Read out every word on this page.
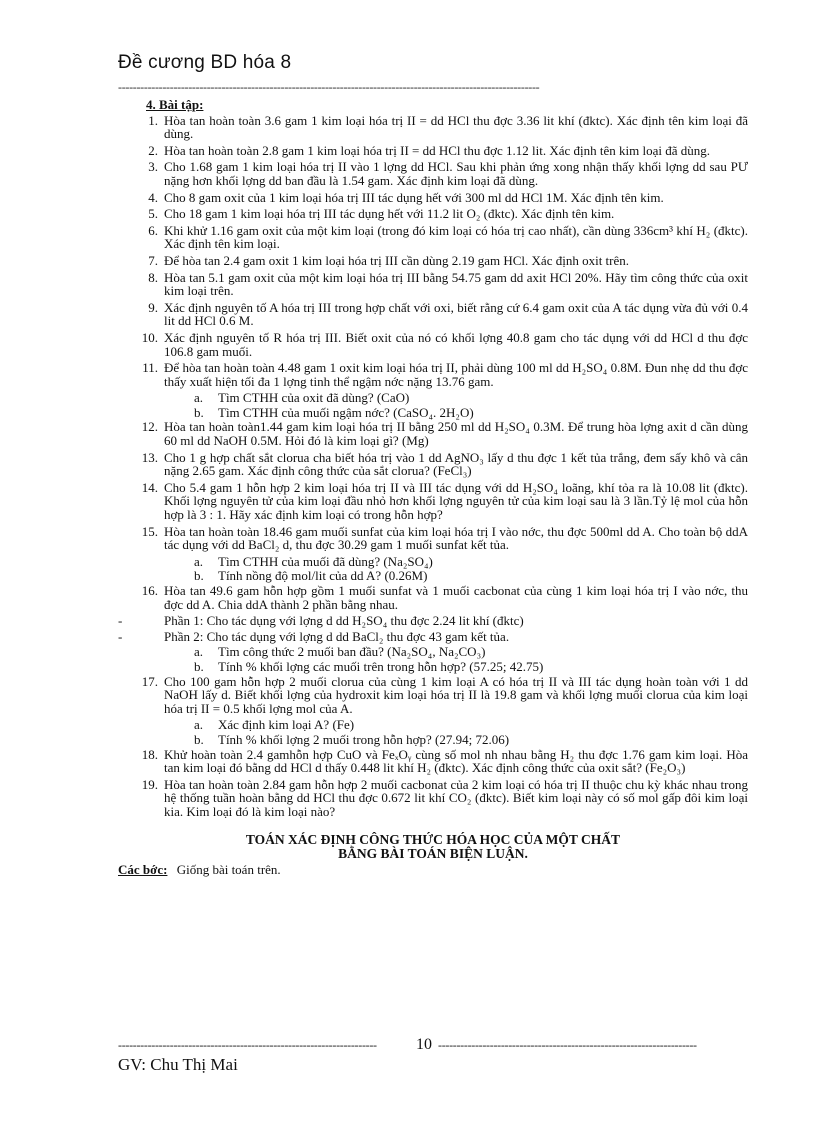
Đề cương BD hóa 8
------------------------------------------------------------------------------------------------------------------
4. Bài tập:
1. Hòa tan hoàn toàn 3.6 gam 1 kim loại hóa trị II = dd HCl thu đợc 3.36 lit khí (đktc). Xác định tên kim loại đã dùng.
2. Hòa tan hoàn toàn 2.8 gam 1 kim loại hóa trị II = dd HCl thu đợc 1.12 lit. Xác định tên kim loại đã dùng.
3. Cho 1.68 gam 1 kim loại hóa trị II vào 1 lợng dd HCl. Sau khi phản ứng xong nhận thấy khối lợng dd sau PƯ nặng hơn khối lợng dd ban đầu là 1.54 gam. Xác định kim loại đã dùng.
4. Cho 8 gam oxit của 1 kim loại hóa trị III tác dụng hết với 300 ml dd HCl 1M. Xác định tên kim.
5. Cho 18 gam 1 kim loại hóa trị III tác dụng hết với 11.2 lit O₂ (đktc). Xác định tên kim.
6. Khi khử 1.16 gam oxit của một kim loại (trong đó kim loại có hóa trị cao nhất), cần dùng 336cm³ khí H₂ (đktc). Xác định tên kim loại.
7. Để hòa tan 2.4 gam oxit 1 kim loại hóa trị III cần dùng 2.19 gam HCl. Xác định oxit trên.
8. Hòa tan 5.1 gam oxit của một kim loại hóa trị III bằng 54.75 gam dd axit HCl 20%. Hãy tìm công thức của oxit kim loại trên.
9. Xác định nguyên tố A hóa trị III trong hợp chất với oxi, biết rằng cứ 6.4 gam oxit của A tác dụng vừa đủ với 0.4 lit dd HCl 0.6 M.
10. Xác định nguyên tố R hóa trị III. Biết oxit của nó có khối lợng 40.8 gam cho tác dụng với dd HCl d thu đợc 106.8 gam muối.
11. Để hòa tan hoàn toàn 4.48 gam 1 oxit kim loại hóa trị II, phải dùng 100 ml dd H₂SO₄ 0.8M. Đun nhẹ dd thu đợc thấy xuất hiện tối đa 1 lợng tinh thể ngậm nớc nặng 13.76 gam.
a. Tìm CTHH của oxit đã dùng? (CaO)
b. Tìm CTHH của muối ngậm nớc? (CaSO₄. 2H₂O)
12. Hòa tan hoàn toàn1.44 gam kim loại hóa trị II bằng 250 ml dd H₂SO₄ 0.3M. Để trung hòa lợng axit d cần dùng 60 ml dd NaOH 0.5M. Hỏi đó là kim loại gì? (Mg)
13. Cho 1 g hợp chất sắt clorua cha biết hóa trị vào 1 dd AgNO₃ lấy d thu đợc 1 kết tủa trắng, đem sấy khô và cân nặng 2.65 gam. Xác định công thức của sắt clorua? (FeCl₃)
14. Cho 5.4 gam 1 hỗn hợp 2 kim loại hóa trị II và III tác dụng với dd H₂SO₄ loãng, khí tỏa ra là 10.08 lit (đktc). Khối lợng nguyên tử của kim loại đầu nhỏ hơn khối lợng nguyên tử của kim loại sau là 3 lần.Tỷ lệ mol của hỗn hợp là 3 : 1. Hãy xác định kim loại có trong hỗn hợp?
15. Hòa tan hoàn toàn 18.46 gam muối sunfat của kim loại hóa trị I vào nớc, thu đợc 500ml dd A. Cho toàn bộ ddA tác dụng với dd BaCl₂ d, thu đợc 30.29 gam 1 muối sunfat kết tủa.
a. Tìm CTHH của muối đã dùng? (Na₂SO₄)
b. Tính nồng độ mol/lit của dd A? (0.26M)
16. Hòa tan 49.6 gam hỗn hợp gồm 1 muối sunfat và 1 muối cacbonat của cùng 1 kim loại hóa trị I vào nớc, thu đợc dd A. Chia ddA thành 2 phần bằng nhau.
-	Phần 1: Cho tác dụng với lợng d dd H₂SO₄ thu đợc 2.24 lit khí (đktc)
-	Phần 2: Cho tác dụng với lợng d dd BaCl₂ thu đợc 43 gam kết tủa.
a. Tìm công thức 2 muối ban đầu? (Na₂SO₄, Na₂CO₃)
b. Tính % khối lợng các muối trên trong hỗn hợp? (57.25; 42.75)
17. Cho 100 gam hỗn hợp 2 muối clorua của cùng 1 kim loại A có hóa trị II và III tác dụng hoàn toàn với 1 dd NaOH lấy d. Biết khối lợng của hydroxit kim loại hóa trị II là 19.8 gam và khối lợng muối clorua của kim loại hóa trị II = 0.5 khối lợng mol của A.
a. Xác định kim loại A? (Fe)
b. Tính % khối lợng 2 muối trong hỗn hợp? (27.94; 72.06)
18. Khử hoàn toàn 2.4 gamhỗn hợp CuO và FeₓOᵧ cùng số mol nh nhau bằng H₂ thu đợc 1.76 gam kim loại. Hòa tan kim loại đó bằng dd HCl d thấy 0.448 lit khí H₂ (đktc). Xác định công thức của oxit sắt? (Fe₂O₃)
19. Hòa tan hoàn toàn 2.84 gam hỗn hợp 2 muối cacbonat của 2 kim loại có hóa trị II thuộc chu kỳ khác nhau trong hệ thống tuần hoàn bằng dd HCl thu đợc 0.672 lit khí CO₂ (đktc). Biết kim loại này có số mol gấp đôi kim loại kia. Kim loại đó là kim loại nào?
TOÁN XÁC ĐỊNH CÔNG THỨC HÓA HỌC CỦA MỘT CHẤT
BẰNG BÀI TOÁN BIỆN LUẬN.
Các bớc: Giống bài toán trên.
----------------------------------------------------------------------	10 ----------------------------------------------------------------------
GV: Chu Thị Mai
